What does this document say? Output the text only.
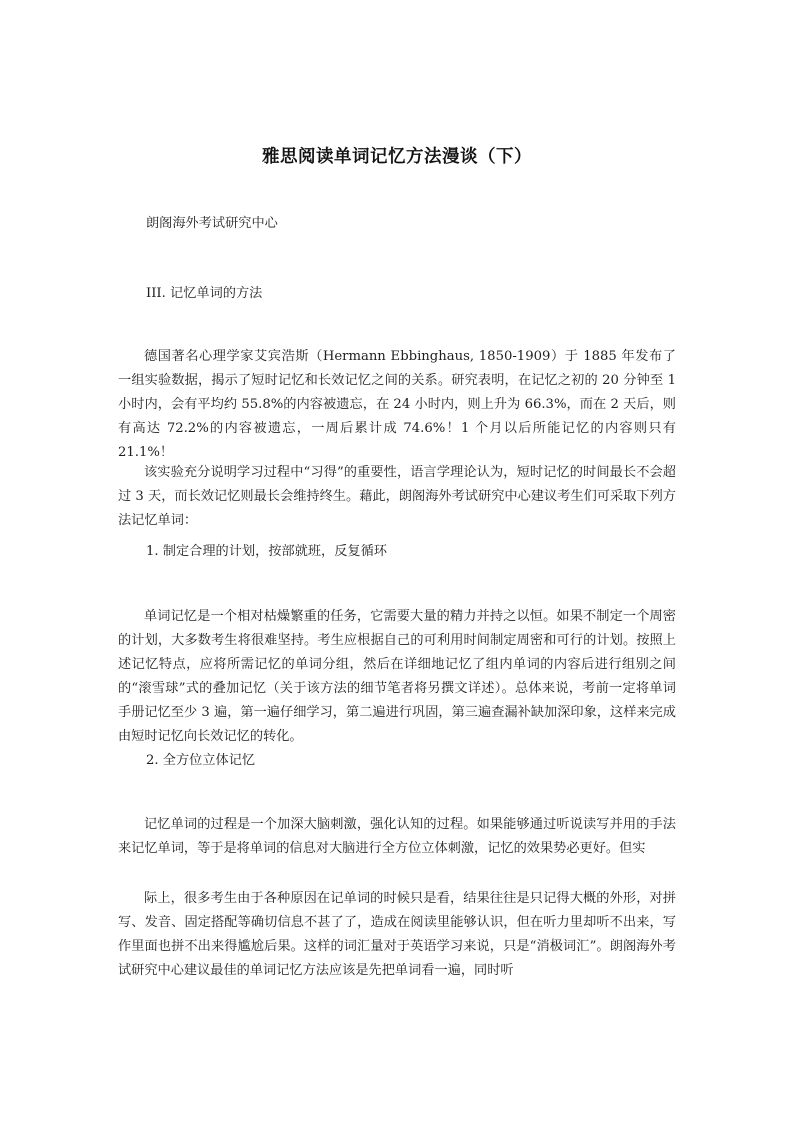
雅思阅读单词记忆方法漫谈（下）
朗阁海外考试研究中心
III. 记忆单词的方法

德国著名心理学家艾宾浩斯（Hermann Ebbinghaus, 1850-1909）于 1885 年发布了一组实验数据，揭示了短时记忆和长效记忆之间的关系。研究表明，在记忆之初的 20 分钟至 1 小时内，会有平均约 55.8%的内容被遗忘，在 24 小时内，则上升为 66.3%，而在 2 天后，则有高达 72.2%的内容被遗忘，一周后累计成 74.6%！1 个月以后所能记忆的内容则只有 21.1%！

该实验充分说明学习过程中“习得”的重要性，语言学理论认为，短时记忆的时间最长不会超过 3 天，而长效记忆则最长会维持终生。藉此，朗阁海外考试研究中心建议考生们可采取下列方法记忆单词：

1. 制定合理的计划，按部就班，反复循环

单词记忆是一个相对枯燥繁重的任务，它需要大量的精力并持之以恒。如果不制定一个周密的计划，大多数考生将很难坚持。考生应根据自己的可利用时间制定周密和可行的计划。按照上述记忆特点，应将所需记忆的单词分组，然后在详细地记忆了组内单词的内容后进行组别之间的“滚雪球”式的叠加记忆（关于该方法的细节笔者将另撰文详述）。总体来说，考前一定将单词手册记忆至少 3 遍，第一遍仔细学习，第二遍进行巩固，第三遍查漏补缺加深印象，这样来完成由短时记忆向长效记忆的转化。

2. 全方位立体记忆

记忆单词的过程是一个加深大脑刺激，强化认知的过程。如果能够通过听说读写并用的手法来记忆单词，等于是将单词的信息对大脑进行全方位立体刺激，记忆的效果势必更好。但实

际上，很多考生由于各种原因在记单词的时候只是看，结果往往是只记得大概的外形，对拼写、发音、固定搭配等确切信息不甚了了，造成在阅读里能够认识，但在听力里却听不出来，写作里面也拼不出来得尴尬后果。这样的词汇量对于英语学习来说，只是“消极词汇”。朗阁海外考试研究中心建议最佳的单词记忆方法应该是先把单词看一遍，同时听
